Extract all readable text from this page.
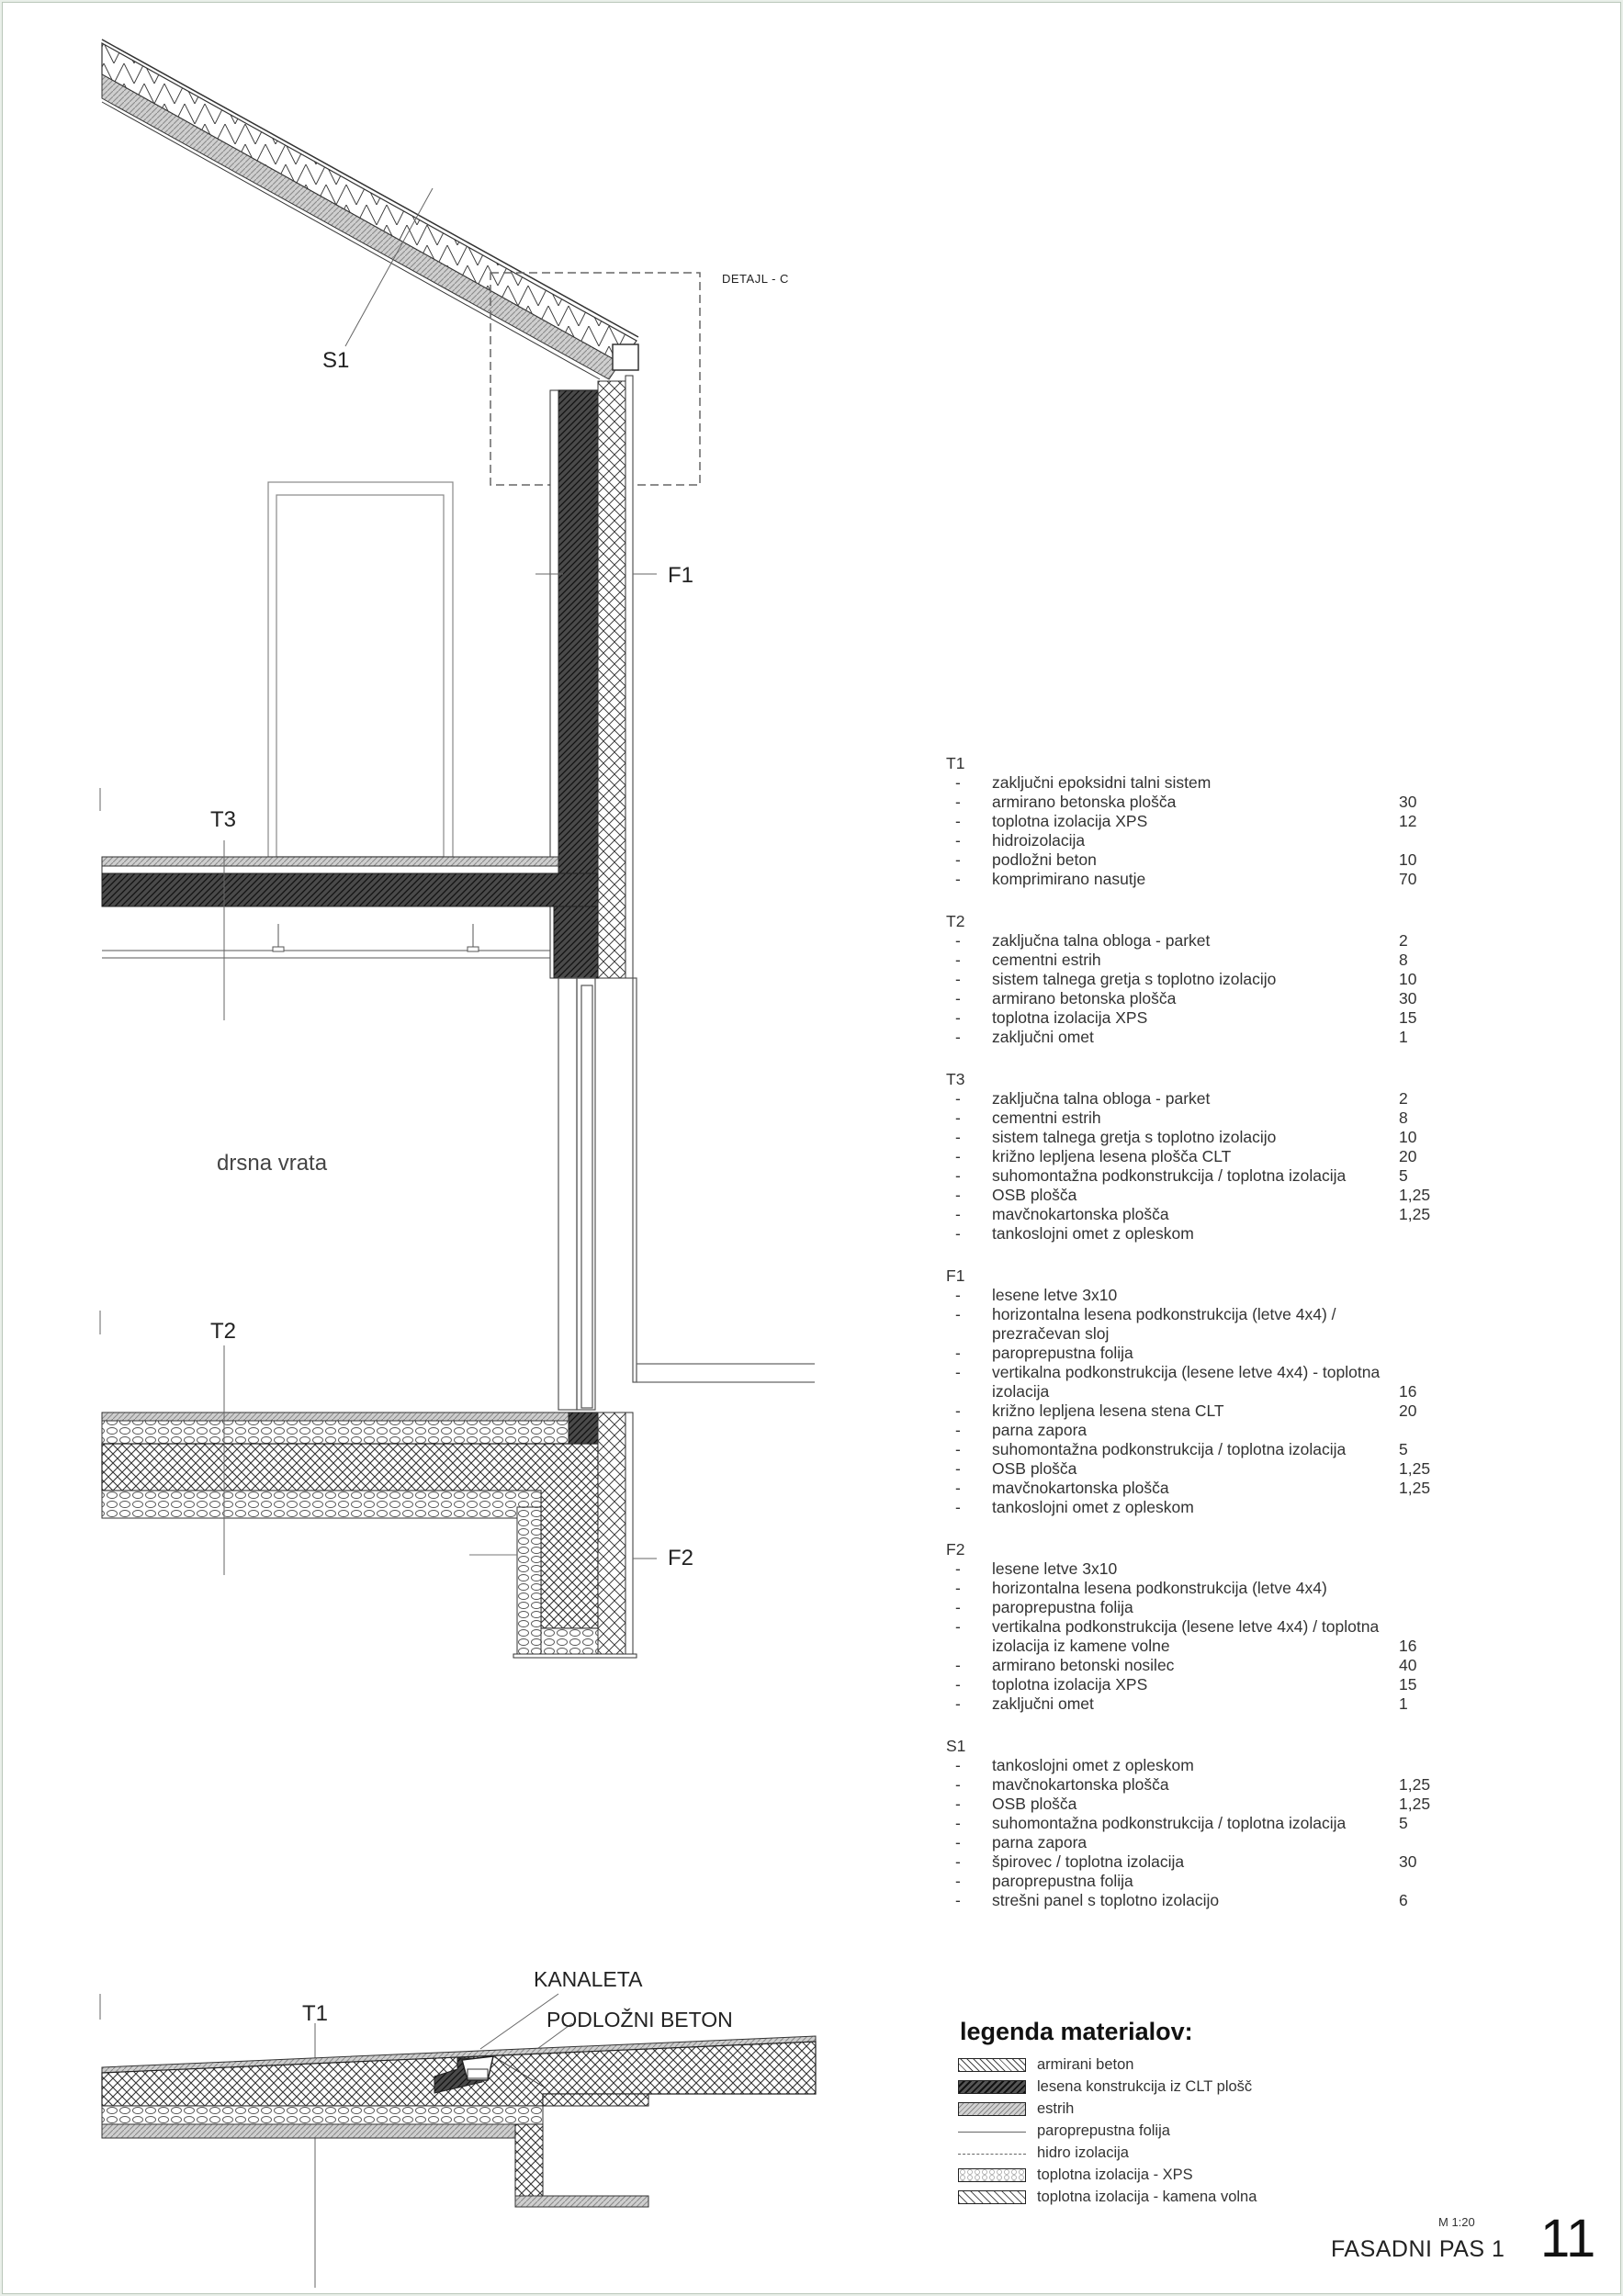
DETAJL - C
S1
F1
T3
drsna vrata
T2
F2
KANALETA
PODLOŽNI BETON
T1
T1
- zaključni epoksidni talni sistem
- armirano betonska plošča	30
- toplotna izolacija XPS	12
- hidroizolacija
- podložni beton	10
- komprimirano nasutje	70
T2
- zaključna talna obloga - parket	2
- cementni estrih	8
- sistem talnega gretja s toplotno izolacijo	10
- armirano betonska plošča	30
- toplotna izolacija XPS	15
- zaključni omet	1
T3
- zaključna talna obloga - parket	2
- cementni estrih	8
- sistem talnega gretja s toplotno izolacijo	10
- križno lepljena lesena plošča CLT	20
- suhomontažna podkonstrukcija / toplotna izolacija	5
- OSB plošča	1,25
- mavčnokartonska plošča	1,25
- tankoslojni omet z opleskom
F1
- lesene letve 3x10
- horizontalna lesena podkonstrukcija (letve 4x4) /
prezračevan sloj
- paroprepustna folija
- vertikalna podkonstrukcija (lesene letve 4x4) - toplotna
izolacija	16
- križno lepljena lesena stena CLT	20
- parna zapora
- suhomontažna podkonstrukcija / toplotna izolacija	5
- OSB plošča	1,25
- mavčnokartonska plošča	1,25
- tankoslojni omet z opleskom
F2
- lesene letve 3x10
- horizontalna lesena podkonstrukcija (letve 4x4)
- paroprepustna folija
- vertikalna podkonstrukcija (lesene letve 4x4) / toplotna
izolacija iz kamene volne	16
- armirano betonski nosilec	40
- toplotna izolacija XPS	15
- zaključni omet	1
S1
- tankoslojni omet z opleskom
- mavčnokartonska plošča	1,25
- OSB plošča	1,25
- suhomontažna podkonstrukcija / toplotna izolacija	5
- parna zapora
- špirovec / toplotna izolacija	30
- paroprepustna folija
- strešni panel s toplotno izolacijo	6
legenda materialov:
armirani beton
lesena konstrukcija iz CLT plošč
estrih
paroprepustna folija
hidro izolacija
toplotna izolacija - XPS
toplotna izolacija - kamena volna
M 1:20
FASADNI PAS 1 11
